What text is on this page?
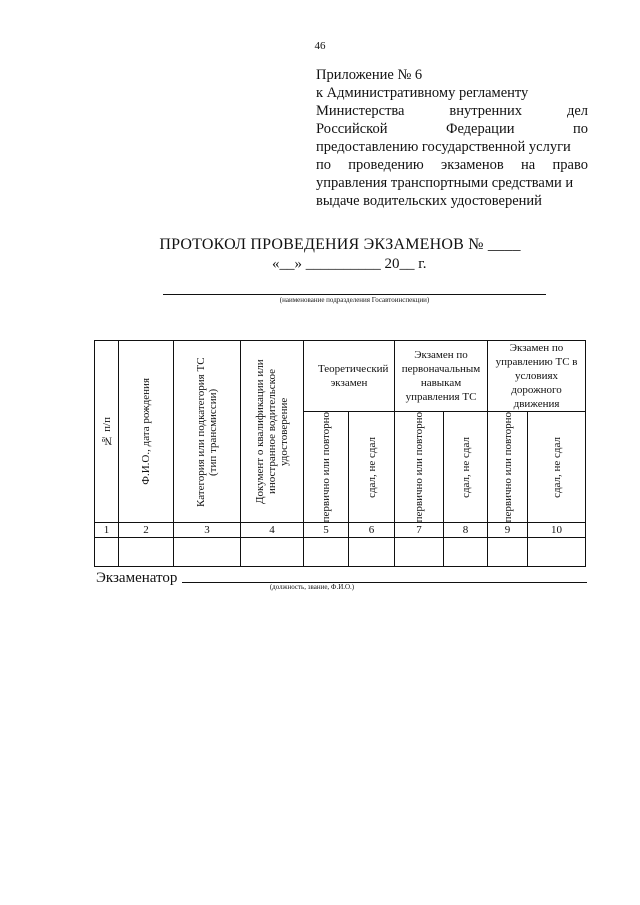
46
Приложение № 6
к Административному регламенту
Министерства	внутренних	дел
Российской	Федерации	по
предоставлению государственной услуги
по проведению экзаменов на право
управления транспортными средствами и
выдаче водительских удостоверений
ПРОТОКОЛ ПРОВЕДЕНИЯ ЭКЗАМЕНОВ № ____
«__» __________ 20__ г.
(наименование подразделения Госавтоинспекции)
№ п/п	Ф.И.О., дата рождения	Категория или подкатегория ТС (тип трансмиссии)	Документ о квалификации или иностранное водительское удостоверение	Теоретический экзамен		Экзамен по первоначальным навыкам управления ТС		Экзамен по управлению ТС в условиях дорожного движения	

				первично или повторно	сдал, не сдал	первично или повторно	сдал, не сдал	первично или повторно	сдал, не сдал

1	2	3	4	5	6	7	8	9	10

Экзаменатор
(должность, звание, Ф.И.О.)
